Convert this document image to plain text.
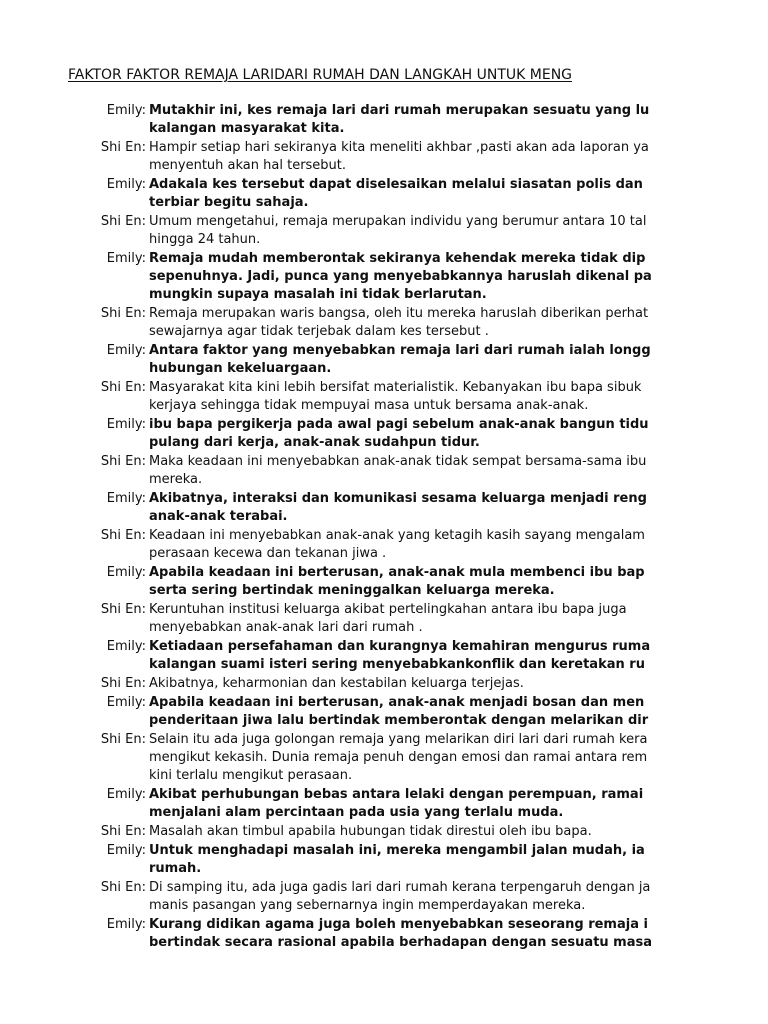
FAKTOR FAKTOR REMAJA LARIDARI RUMAH DAN LANGKAH UNTUK MENG
Emily: Mutakhir ini, kes remaja lari dari rumah merupakan sesuatu yang lu
kalangan masyarakat kita.
Shi En: Hampir setiap hari sekiranya kita meneliti akhbar ,pasti akan ada laporan ya
menyentuh akan hal tersebut.
Emily: Adakala kes tersebut dapat diselesaikan melalui siasatan polis dan
terbiar begitu sahaja.
Shi En: Umum mengetahui, remaja merupakan individu yang berumur antara 10 tal
hingga 24 tahun.
Emily: Remaja mudah memberontak sekiranya kehendak mereka tidak dip
sepenuhnya. Jadi, punca yang menyebabkannya haruslah dikenal pa
mungkin supaya masalah ini tidak berlarutan.
Shi En: Remaja merupakan waris bangsa, oleh itu mereka haruslah diberikan perhat
sewajarnya agar tidak terjebak dalam kes tersebut .
Emily: Antara faktor yang menyebabkan remaja lari dari rumah ialah longg
hubungan kekeluargaan.
Shi En: Masyarakat kita kini lebih bersifat materialistik. Kebanyakan ibu bapa sibuk
kerjaya sehingga tidak mempuyai masa untuk bersama anak-anak.
Emily: ibu bapa pergikerja pada awal pagi sebelum anak-anak bangun tidu
pulang dari kerja, anak-anak sudahpun tidur.
Shi En: Maka keadaan ini menyebabkan anak-anak tidak sempat bersama-sama ibu
mereka.
Emily: Akibatnya, interaksi dan komunikasi sesama keluarga menjadi reng
anak-anak terabai.
Shi En: Keadaan ini menyebabkan anak-anak yang ketagih kasih sayang mengalam
perasaan kecewa dan tekanan jiwa .
Emily: Apabila keadaan ini berterusan, anak-anak mula membenci ibu bap
serta sering bertindak meninggalkan keluarga mereka.
Shi En: Keruntuhan institusi keluarga akibat pertelingkahan antara ibu bapa juga
menyebabkan anak-anak lari dari rumah .
Emily: Ketiadaan persefahaman dan kurangnya kemahiran mengurus ruma
kalangan suami isteri sering menyebabkankonflik dan keretakan ru
Shi En: Akibatnya, keharmonian dan kestabilan keluarga terjejas.
Emily: Apabila keadaan ini berterusan, anak-anak menjadi bosan dan men
penderitaan jiwa lalu bertindak memberontak dengan melarikan dir
Shi En: Selain itu ada juga golongan remaja yang melarikan diri lari dari rumah kera
mengikut kekasih. Dunia remaja penuh dengan emosi dan ramai antara rem
kini terlalu mengikut perasaan.
Emily: Akibat perhubungan bebas antara lelaki dengan perempuan, ramai
menjalani alam percintaan pada usia yang terlalu muda.
Shi En: Masalah akan timbul apabila hubungan tidak direstui oleh ibu bapa.
Emily: Untuk menghadapi masalah ini, mereka mengambil jalan mudah, ia
rumah.
Shi En: Di samping itu, ada juga gadis lari dari rumah kerana terpengaruh dengan ja
manis pasangan yang sebernarnya ingin memperdayakan mereka.
Emily: Kurang didikan agama juga boleh menyebabkan seseorang remaja i
bertindak secara rasional apabila berhadapan dengan sesuatu masa
